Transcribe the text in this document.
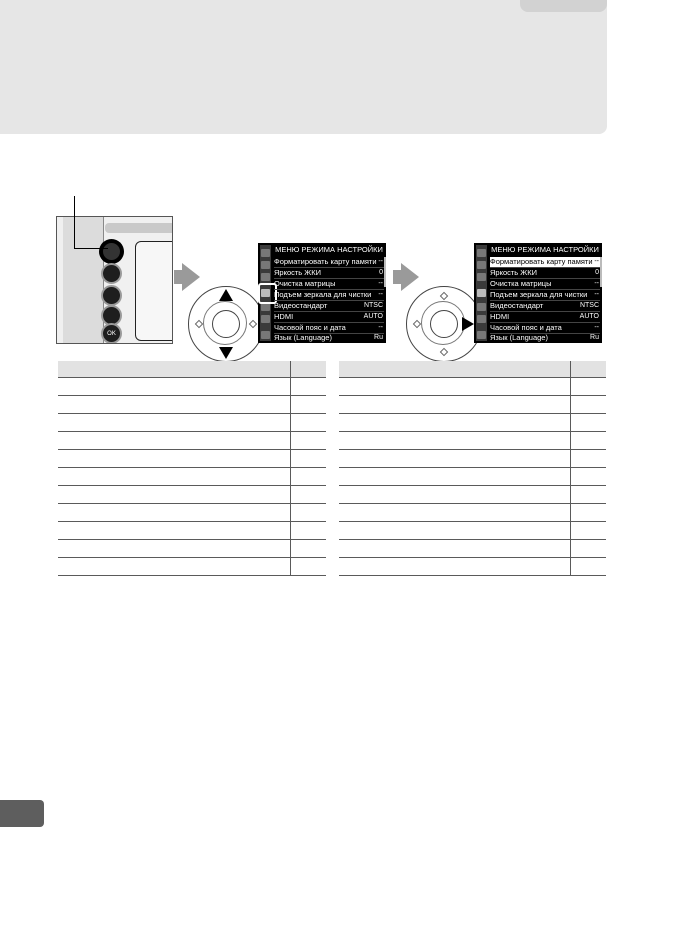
OK
МЕНЮ РЕЖИМА НАСТРОЙКИ
Форматировать карту памяти --
Яркость ЖКИ	0
Очистка матрицы	--
Подъем зеркала для чистки --
Видеостандарт	NTSC
HDMI	AUTO
Часовой пояс и дата	--
Язык (Language)	Ru
МЕНЮ РЕЖИМА НАСТРОЙКИ
Форматировать карту памяти --
Яркость ЖКИ	0
Очистка матрицы	--
Подъем зеркала для чистки --
Видеостандарт	NTSC
HDMI	AUTO
Часовой пояс и дата	--
Язык (Language)	Ru
